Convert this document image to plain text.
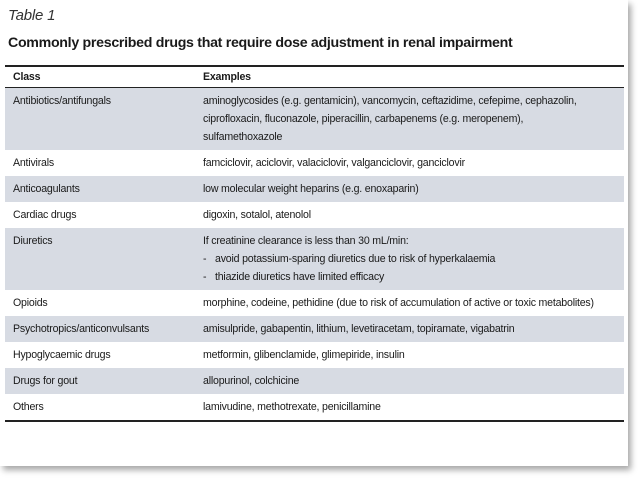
Table 1
Commonly prescribed drugs that require dose adjustment in renal impairment
Class	Examples
Antibiotics/antifungals	aminoglycosides (e.g. gentamicin), vancomycin, ceftazidime, cefepime, cephazolin,
ciprofloxacin, fluconazole, piperacillin, carbapenems (e.g. meropenem),
sulfamethoxazole

Antivirals	famciclovir, aciclovir, valaciclovir, valganciclovir, ganciclovir
Anticoagulants	low molecular weight heparins (e.g. enoxaparin)
Cardiac drugs	digoxin, sotalol, atenolol
Diuretics	If creatinine clearance is less than 30 mL/min:
- avoid potassium-sparing diuretics due to risk of hyperkalaemia
- thiazide diuretics have limited efficacy

Opioids	morphine, codeine, pethidine (due to risk of accumulation of active or toxic metabolites)
Psychotropics/anticonvulsants	amisulpride, gabapentin, lithium, levetiracetam, topiramate, vigabatrin
Hypoglycaemic drugs	metformin, glibenclamide, glimepiride, insulin
Drugs for gout	allopurinol, colchicine
Others	lamivudine, methotrexate, penicillamine
